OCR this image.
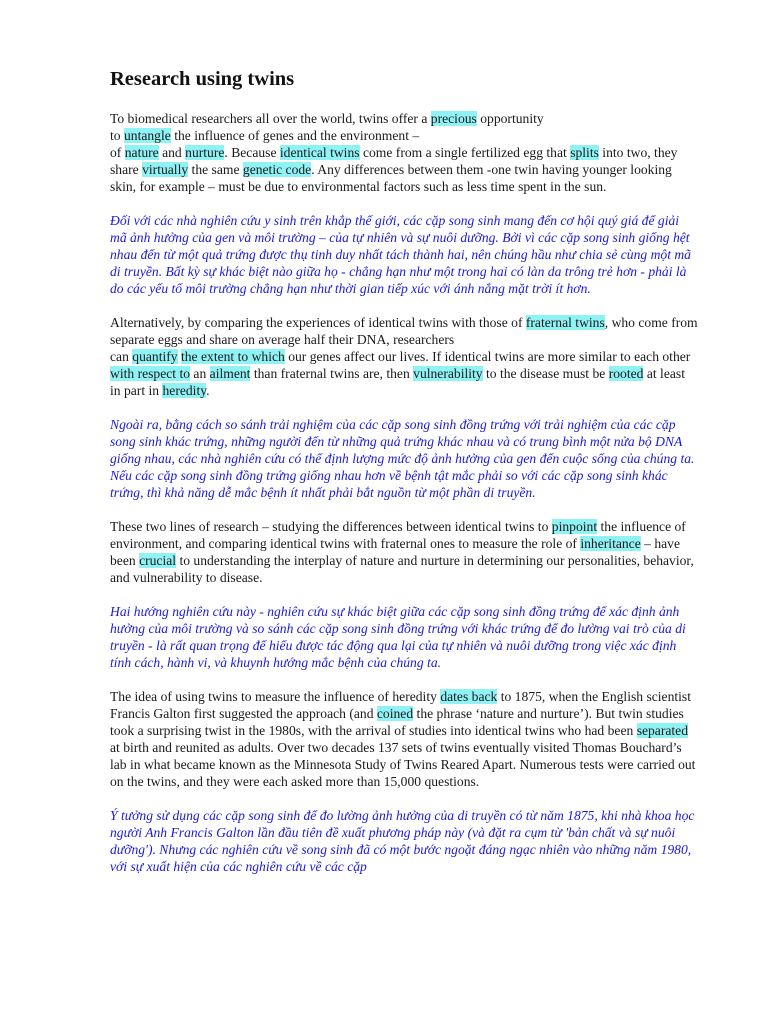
Research using twins

To biomedical researchers all over the world, twins offer a precious opportunity
to untangle the influence of genes and the environment –
of nature and nurture. Because identical twins come from a single fertilized egg that splits into two, they share virtually the same genetic code. Any differences between them -one twin having younger looking skin, for example – must be due to environmental factors such as less time spent in the sun.

Đối với các nhà nghiên cứu y sinh trên khắp thế giới, các cặp song sinh mang đến cơ hội quý giá để giải mã ảnh hưởng của gen và môi trường – của tự nhiên và sự nuôi dưỡng. Bởi vì các cặp song sinh giống hệt nhau đến từ một quả trứng được thụ tinh duy nhất tách thành hai, nên chúng hầu như chia sẻ cùng một mã di truyền. Bất kỳ sự khác biệt nào giữa họ - chẳng hạn như một trong hai có làn da trông trẻ hơn - phải là do các yếu tố môi trường chẳng hạn như thời gian tiếp xúc với ánh nắng mặt trời ít hơn.

Alternatively, by comparing the experiences of identical twins with those of fraternal twins, who come from separate eggs and share on average half their DNA, researchers
can quantify the extent to which our genes affect our lives. If identical twins are more similar to each other with respect to an ailment than fraternal twins are, then vulnerability to the disease must be rooted at least in part in heredity.

Ngoài ra, bằng cách so sánh trải nghiệm của các cặp song sinh đồng trứng với trải nghiệm của các cặp song sinh khác trứng, những người đến từ những quả trứng khác nhau và có trung bình một nửa bộ DNA giống nhau, các nhà nghiên cứu có thể định lượng mức độ ảnh hưởng của gen đến cuộc sống của chúng ta. Nếu các cặp song sinh đồng trứng giống nhau hơn về bệnh tật mắc phải so với các cặp song sinh khác trứng, thì khả năng dễ mắc bệnh ít nhất phải bắt nguồn từ một phần di truyền.

These two lines of research – studying the differences between identical twins to pinpoint the influence of environment, and comparing identical twins with fraternal ones to measure the role of inheritance – have been crucial to understanding the interplay of nature and nurture in determining our personalities, behavior, and vulnerability to disease.

Hai hướng nghiên cứu này - nghiên cứu sự khác biệt giữa các cặp song sinh đồng trứng để xác định ảnh hưởng của môi trường và so sánh các cặp song sinh đồng trứng với khác trứng để đo lường vai trò của di truyền - là rất quan trọng để hiểu được tác động qua lại của tự nhiên và nuôi dưỡng trong việc xác định tính cách, hành vi, và khuynh hướng mắc bệnh của chúng ta.

The idea of using twins to measure the influence of heredity dates back to 1875, when the English scientist Francis Galton first suggested the approach (and coined the phrase ‘nature and nurture’). But twin studies took a surprising twist in the 1980s, with the arrival of studies into identical twins who had been separated at birth and reunited as adults. Over two decades 137 sets of twins eventually visited Thomas Bouchard’s lab in what became known as the Minnesota Study of Twins Reared Apart. Numerous tests were carried out on the twins, and they were each asked more than 15,000 questions.

Ý tưởng sử dụng các cặp song sinh để đo lường ảnh hưởng của di truyền có từ năm 1875, khi nhà khoa học người Anh Francis Galton lần đầu tiên đề xuất phương pháp này (và đặt ra cụm từ 'bản chất và sự nuôi dưỡng'). Nhưng các nghiên cứu về song sinh đã có một bước ngoặt đáng ngạc nhiên vào những năm 1980, với sự xuất hiện của các nghiên cứu về các cặp
